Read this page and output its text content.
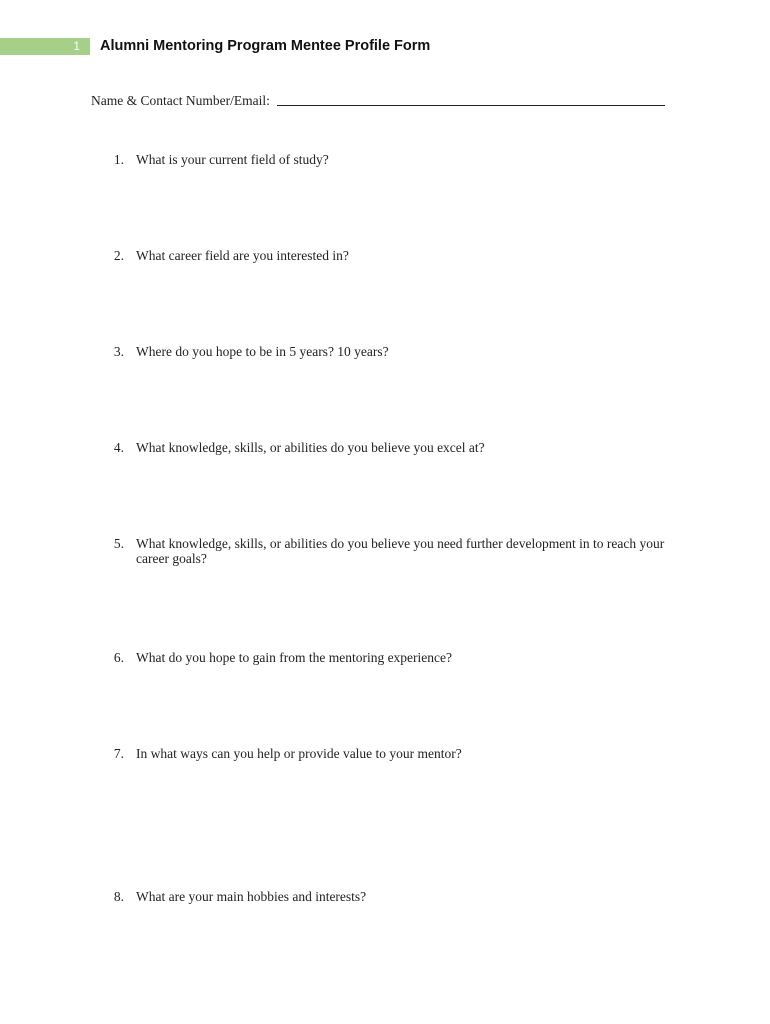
1 Alumni Mentoring Program Mentee Profile Form
Name & Contact Number/Email:
1. What is your current field of study?
2. What career field are you interested in?
3. Where do you hope to be in 5 years? 10 years?
4. What knowledge, skills, or abilities do you believe you excel at?
5. What knowledge, skills, or abilities do you believe you need further development in to reach your career goals?
6. What do you hope to gain from the mentoring experience?
7. In what ways can you help or provide value to your mentor?
8. What are your main hobbies and interests?
